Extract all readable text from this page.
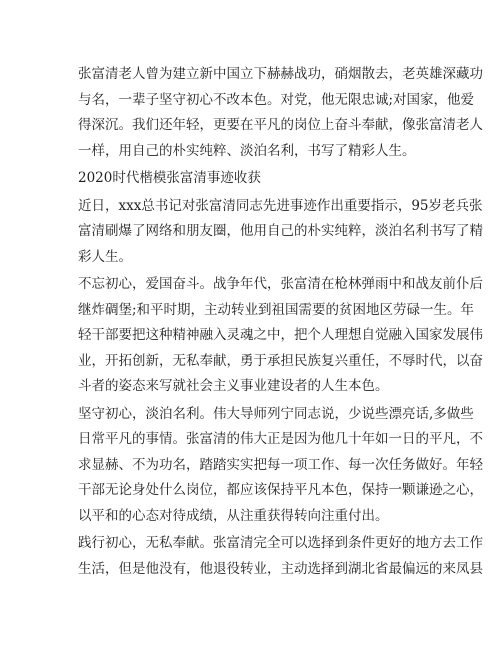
张富清老人曾为建立新中国立下赫赫战功，硝烟散去，老英雄深藏功
与名，一辈子坚守初心不改本色。对党，他无限忠诚;对国家，他爱
得深沉。我们还年轻，更要在平凡的岗位上奋斗奉献，像张富清老人
一样，用自己的朴实纯粹、淡泊名利，书写了精彩人生。
2020时代楷模张富清事迹收获
近日，xxx总书记对张富清同志先进事迹作出重要指示，95岁老兵张
富清刷爆了网络和朋友圈，他用自己的朴实纯粹，淡泊名利书写了精
彩人生。
不忘初心，爱国奋斗。战争年代，张富清在枪林弹雨中和战友前仆后
继炸碉堡;和平时期，主动转业到祖国需要的贫困地区劳碌一生。年
轻干部要把这种精神融入灵魂之中，把个人理想自觉融入国家发展伟
业，开拓创新，无私奉献，勇于承担民族复兴重任，不辱时代，以奋
斗者的姿态来写就社会主义事业建设者的人生本色。
坚守初心，淡泊名利。伟大导师列宁同志说，少说些漂亮话,多做些
日常平凡的事情。张富清的伟大正是因为他几十年如一日的平凡，不
求显赫、不为功名，踏踏实实把每一项工作、每一次任务做好。年轻
干部无论身处什么岗位，都应该保持平凡本色，保持一颗谦逊之心，
以平和的心态对待成绩，从注重获得转向注重付出。
践行初心，无私奉献。张富清完全可以选择到条件更好的地方去工作
生活，但是他没有，他退役转业，主动选择到湖北省最偏远的来凤县
